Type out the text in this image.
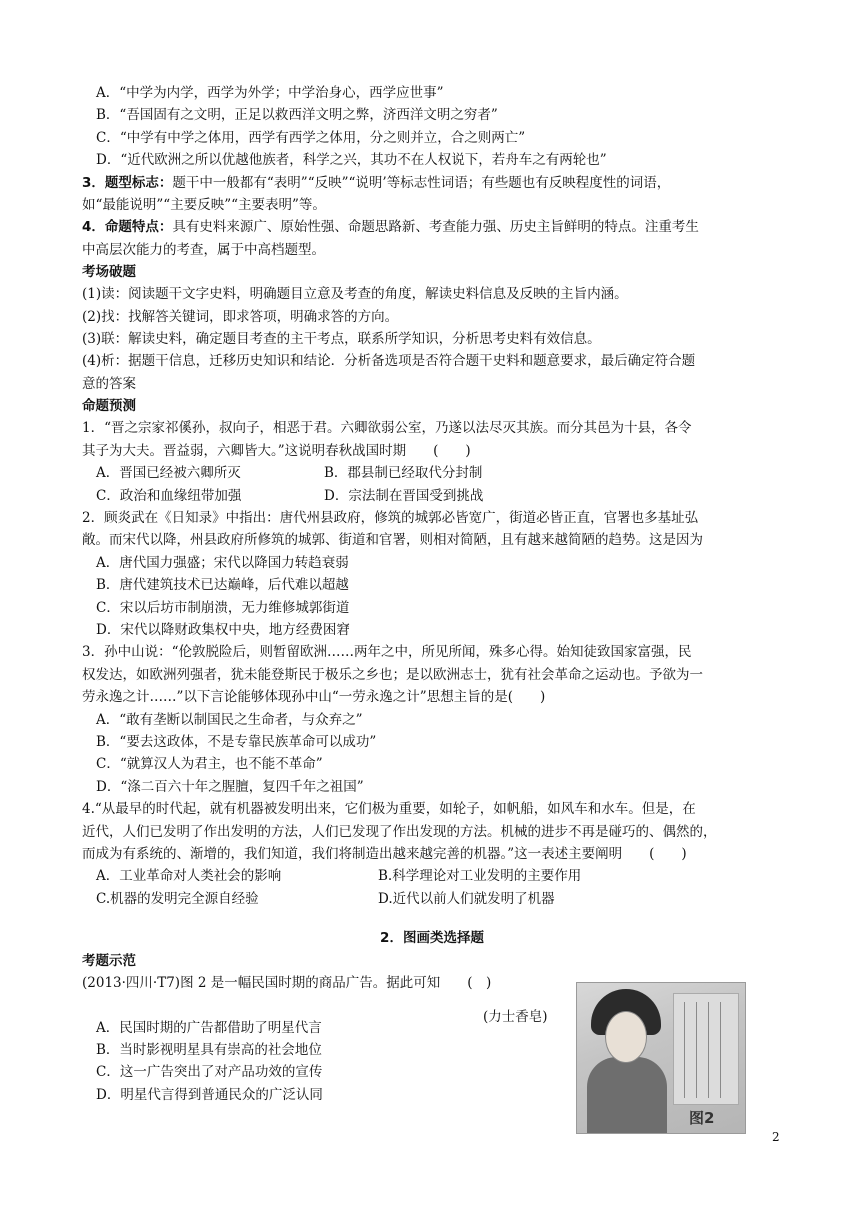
A．“中学为内学，西学为外学；中学治身心，西学应世事”
B．“吾国固有之文明，正足以救西洋文明之弊，济西洋文明之穷者”
C．“中学有中学之体用，西学有西学之体用，分之则并立，合之则两亡”
D．“近代欧洲之所以优越他族者，科学之兴，其功不在人权说下，若舟车之有两轮也”
3．题型标志：题干中一般都有“表明”“反映”“说明’等标志性词语；有些题也有反映程度性的词语，
如“最能说明”“主要反映”“主要表明”等。
4．命题特点：具有史料来源广、原始性强、命题思路新、考查能力强、历史主旨鲜明的特点。注重考生
中高层次能力的考查，属于中高档题型。
考场破题
(1)读：阅读题干文字史料，明确题目立意及考查的角度，解读史料信息及反映的主旨内涵。
(2)找：找解答关键词，即求答项，明确求答的方向。
(3)联：解读史料，确定题目考查的主干考点，联系所学知识，分析思考史料有效信息。
(4)析：据题干信息，迁移历史知识和结论．分析备选项是否符合题干史料和题意要求，最后确定符合题
意的答案
命题预测
1．“晋之宗家祁傒孙，叔向子，相恶于君。六卿欲弱公室，乃遂以法尽灭其族。而分其邑为十县，各令
其子为大夫。晋益弱，六卿皆大。”这说明春秋战国时期　　(　　)
A．晋国已经被六卿所灭	B．郡县制已经取代分封制
C．政治和血缘纽带加强	D．宗法制在晋国受到挑战
2．顾炎武在《日知录》中指出：唐代州县政府，修筑的城郭必皆宽广，街道必皆正直，官署也多基址弘
敞。而宋代以降，州县政府所修筑的城郭、街道和官署，则相对简陋，且有越来越简陋的趋势。这是因为
A．唐代国力强盛；宋代以降国力转趋衰弱
B．唐代建筑技术已达巅峰，后代难以超越
C．宋以后坊市制崩溃，无力维修城郭街道
D．宋代以降财政集权中央，地方经费困窘
3．孙中山说：“伦敦脱险后，则暂留欧洲……两年之中，所见所闻，殊多心得。始知徒致国家富强，民
权发达，如欧洲列强者，犹未能登斯民于极乐之乡也；是以欧洲志士，犹有社会革命之运动也。予欲为一
劳永逸之计……”以下言论能够体现孙中山“一劳永逸之计”思想主旨的是(　　)
A．“敢有垄断以制国民之生命者，与众弃之”
B．“要去这政体，不是专靠民族革命可以成功”
C．“就算汉人为君主，也不能不革命”
D．“涤二百六十年之腥膻，复四千年之祖国”
4.“从最早的时代起，就有机器被发明出来，它们极为重要，如轮子，如帆船，如风车和水车。但是，在
近代，人们已发明了作出发明的方法，人们已发现了作出发现的方法。机械的进步不再是碰巧的、偶然的，
而成为有系统的、渐增的，我们知道，我们将制造出越来越完善的机器。”这一表述主要阐明　　(　　)
A．工业革命对人类社会的影响	B.科学理论对工业发明的主要作用
C.机器的发明完全源自经验	D.近代以前人们就发明了机器
2．图画类选择题
考题示范
(2013·四川·T7)图 2 是一幅民国时期的商品广告。据此可知　　(　)
A．民国时期的广告都借助了明星代言
B．当时影视明星具有崇高的社会地位
C．这一广告突出了对产品功效的宣传
D．明星代言得到普通民众的广泛认同
(力士香皂)
图2
2
